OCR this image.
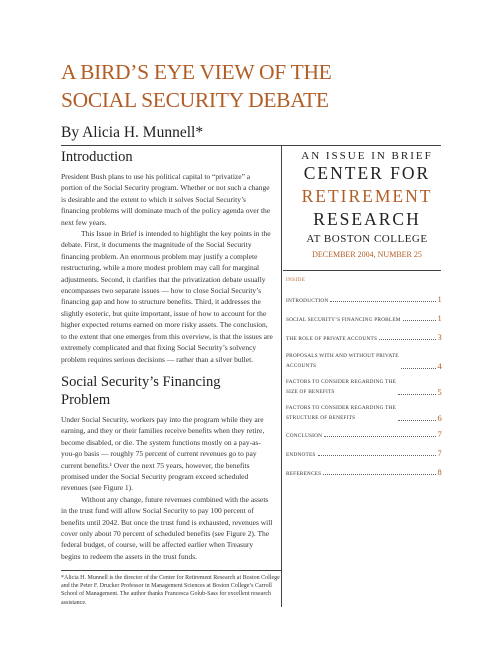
A BIRD’S EYE VIEW OF THE
SOCIAL SECURITY DEBATE
By Alicia H. Munnell*
Introduction

President Bush plans to use his political capital to “privatize” a portion of the Social Security program. Whether or not such a change is desirable and the extent to which it solves Social Security’s financing problems will dominate much of the policy agenda over the next few years.

This Issue in Brief is intended to highlight the key points in the debate. First, it documents the magnitude of the Social Security financing problem. An enormous problem may justify a complete restructuring, while a more modest problem may call for marginal adjustments. Second, it clarifies that the privatization debate usually encompasses two separate issues — how to close Social Security’s financing gap and how to structure benefits. Third, it addresses the slightly esoteric, but quite important, issue of how to account for the higher expected returns earned on more risky assets. The conclusion, to the extent that one emerges from this overview, is that the issues are extremely complicated and that fixing Social Security’s solvency problem requires serious decisions — rather than a silver bullet.

Social Security’s Financing
Problem

Under Social Security, workers pay into the program while they are earning, and they or their families receive benefits when they retire, become disabled, or die. The system functions mostly on a pay-as-you-go basis — roughly 75 percent of current revenues go to pay current benefits.¹ Over the next 75 years, however, the benefits promised under the Social Security program exceed scheduled revenues (see Figure 1).

Without any change, future revenues combined with the assets in the trust fund will allow Social Security to pay 100 percent of benefits until 2042. But once the trust fund is exhausted, revenues will cover only about 70 percent of scheduled benefits (see Figure 2). The federal budget, of course, will be affected earlier when Treasury begins to redeem the assets in the trust funds.

*Alicia H. Munnell is the director of the Center for Retirement Research at Boston College and the Peter F. Drucker Professor in Management Sciences at Boston College’s Carroll School of Management. The author thanks Francesca Golub-Sass for excellent research assistance.
AN ISSUE IN BRIEF
CENTER FOR
RETIREMENT
RESEARCH
AT BOSTON COLLEGE
DECEMBER 2004, NUMBER 25
INSIDE
INTRODUCTION	1
SOCIAL SECURITY’S FINANCING PROBLEM	1
THE ROLE OF PRIVATE ACCOUNTS	3
PROPOSALS WITH AND WITHOUT PRIVATE
ACCOUNTS	4
FACTORS TO CONSIDER REGARDING THE
SIZE OF BENEFITS	5
FACTORS TO CONSIDER REGARDING THE
STRUCTURE OF BENEFITS	6
CONCLUSION	7
ENDNOTES	7
REFERENCES	8
